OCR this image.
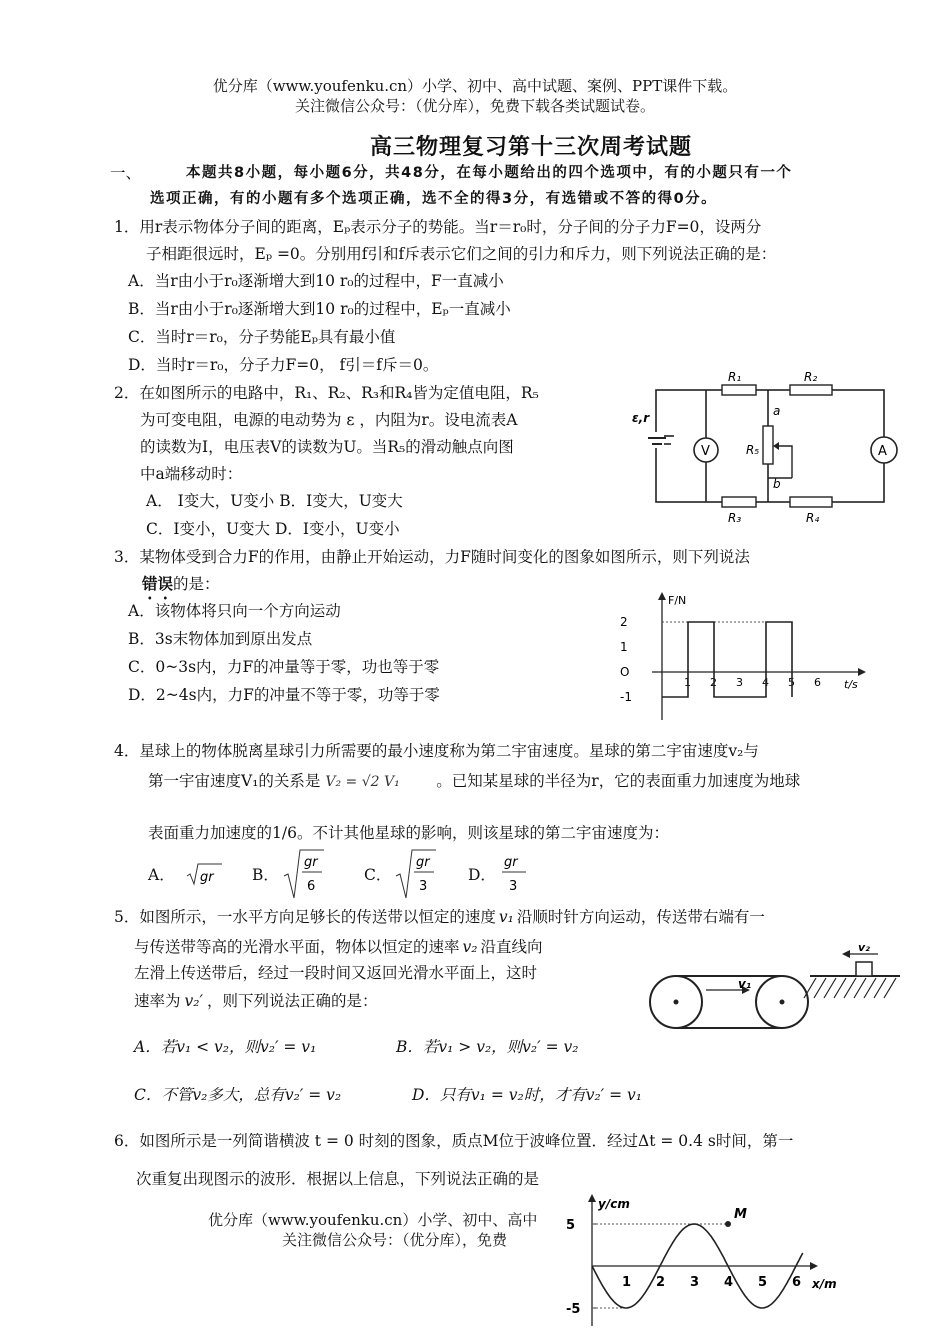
优分库（www.youfenku.cn）小学、初中、高中试题、案例、PPT课件下载。
关注微信公众号：（优分库），免费下载各类试题试卷。
高三物理复习第十三次周考试题
一、	本题共8小题，每小题6分，共48分，在每小题给出的四个选项中，有的小题只有一个
选项正确，有的小题有多个选项正确，选不全的得3分，有选错或不答的得0分。
1．用r表示物体分子间的距离，Eₚ表示分子的势能。当r＝r₀时，分子间的分子力F=0，设两分
子相距很远时，Eₚ =0。分别用f引和f斥表示它们之间的引力和斥力，则下列说法正确的是：
A．当r由小于r₀逐渐增大到10 r₀的过程中，F一直减小
B．当r由小于r₀逐渐增大到10 r₀的过程中，Eₚ一直减小
C．当时r＝r₀，分子势能Eₚ具有最小值
D．当时r＝r₀，分子力F=0， f引＝f斥＝0。
2．在如图所示的电路中，R₁、R₂、R₃和R₄皆为定值电阻，R₅
为可变电阻，电源的电动势为 ε ，内阻为r。设电流表A
的读数为I，电压表V的读数为U。当R₅的滑动触点向图
中a端移动时：
A． I变大，U变小 B．I变大，U变大
C．I变小，U变大 D．I变小，U变小
ε,r
V	A
R₁	R₂
R₃	R₄
R₅
a
b
3．某物体受到合力F的作用，由静止开始运动，力F随时间变化的图象如图所示，则下列说法
错误的是：
A．该物体将只向一个方向运动
B．3s末物体加到原出发点
C．0~3s内，力F的冲量等于零，功也等于零
D．2~4s内，力F的冲量不等于零，功等于零
F/N
t/s
2
1
O
-1
1 2 3 4 5 6
4．星球上的物体脱离星球引力所需要的最小速度称为第二宇宙速度。星球的第二宇宙速度v₂与
第一宇宙速度V₁的关系是 V₂ = √2 V₁ 。已知某星球的半径为r，它的表面重力加速度为地球
表面重力加速度的1/6。不计其他星球的影响，则该星球的第二宇宙速度为：
A． gr B．
gr
6
C．
gr
3
D．
gr
3
5．如图所示，一水平方向足够长的传送带以恒定的速度 v₁ 沿顺时针方向运动，传送带右端有一
与传送带等高的光滑水平面，物体以恒定的速率 v₂ 沿直线向
左滑上传送带后，经过一段时间又返回光滑水平面上，这时
速率为 v₂′ ，则下列说法正确的是：
A．若v₁ < v₂，则v₂′ = v₁	B．若v₁ > v₂，则v₂′ = v₂
C．不管v₂多大，总有v₂′ = v₂	D．只有v₁ = v₂时，才有v₂′ = v₁
v₁
v₂
6．如图所示是一列简谐横波 t = 0 时刻的图象，质点M位于波峰位置．经过Δt = 0.4 s时间，第一
次重复出现图示的波形．根据以上信息，下列说法正确的是
优分库（www.youfenku.cn）小学、初中、高中
关注微信公众号：（优分库），免费
y/cm
x/m
5
-5
1 2 3 4 5 6
M
